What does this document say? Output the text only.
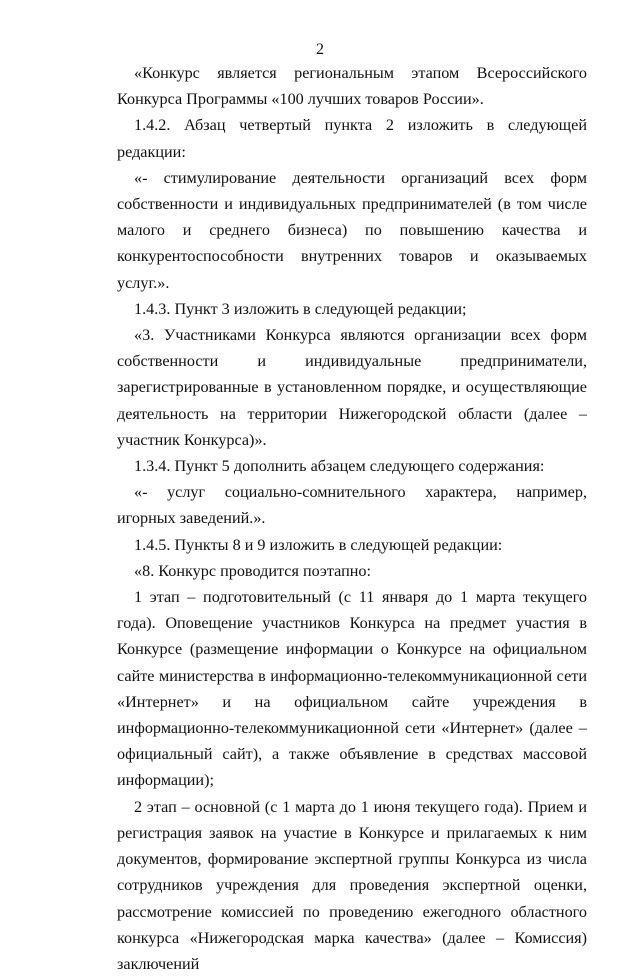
2

«Конкурс является региональным этапом Всероссийского Конкурса Программы «100 лучших товаров России».

1.4.2. Абзац четвертый пункта 2 изложить в следующей редакции:

«- стимулирование деятельности организаций всех форм собственности и индивидуальных предпринимателей (в том числе малого и среднего бизнеса) по повышению качества и конкурентоспособности внутренних товаров и оказываемых услуг.».

1.4.3. Пункт 3 изложить в следующей редакции;

«3. Участниками Конкурса являются организации всех форм собственности и индивидуальные предприниматели, зарегистрированные в установленном порядке, и осуществляющие деятельность на территории Нижегородской области (далее – участник Конкурса)».

1.3.4. Пункт 5 дополнить абзацем следующего содержания:

«- услуг социально-сомнительного характера, например, игорных заведений.».

1.4.5. Пункты 8 и 9 изложить в следующей редакции:

«8. Конкурс проводится поэтапно:

1 этап – подготовительный (с 11 января до 1 марта текущего года). Оповещение участников Конкурса на предмет участия в Конкурсе (размещение информации о Конкурсе на официальном сайте министерства в информационно-телекоммуникационной сети «Интернет» и на официальном сайте учреждения в информационно-телекоммуникационной сети «Интернет» (далее – официальный сайт), а также объявление в средствах массовой информации);

2 этап – основной (с 1 марта до 1 июня текущего года). Прием и регистрация заявок на участие в Конкурсе и прилагаемых к ним документов, формирование экспертной группы Конкурса из числа сотрудников учреждения для проведения экспертной оценки, рассмотрение комиссией по проведению ежегодного областного конкурса «Нижегородская марка качества» (далее – Комиссия) заключений
